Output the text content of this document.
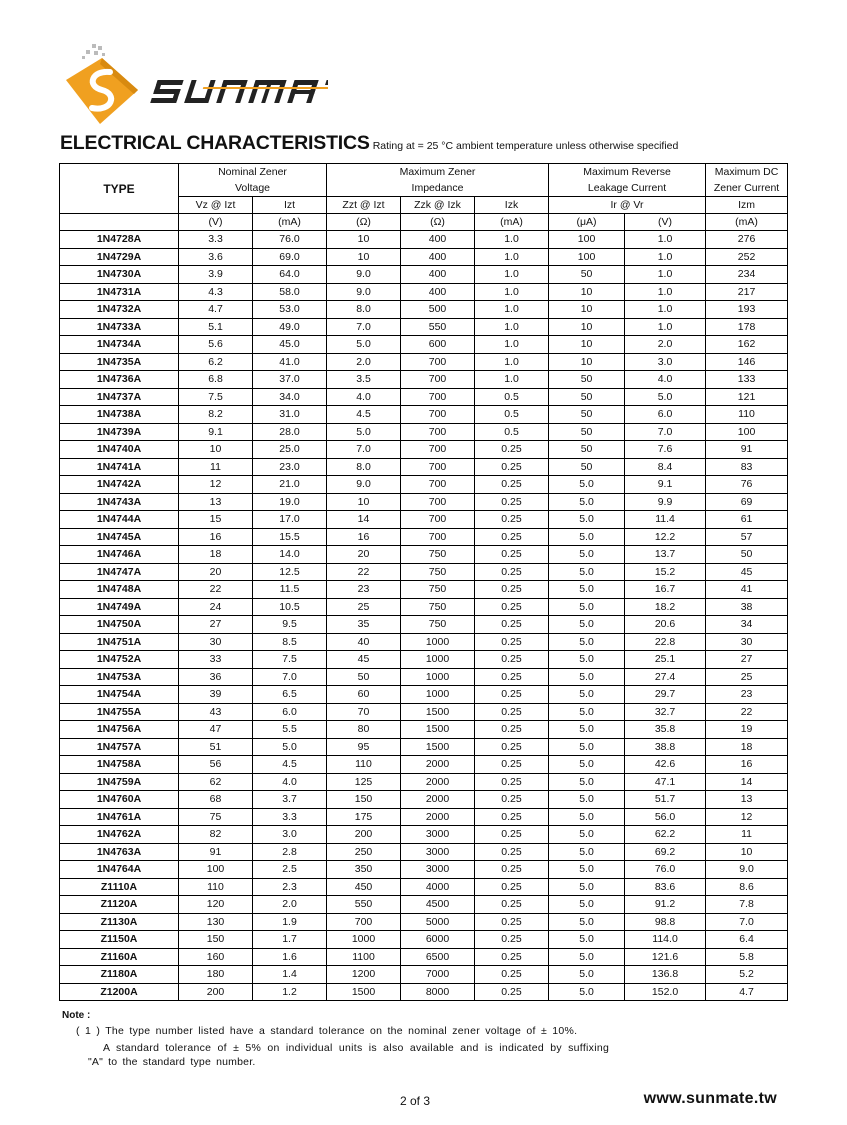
ELECTRICAL CHARACTERISTICS Rating at = 25 °C ambient temperature unless otherwise specified
TYPE	Nominal Zener		Maximum Zener			Maximum Reverse		Maximum DC
	Voltage		Impedance			Leakage Current		Zener Current
	Vz @ Izt	Izt	Zzt @ Izt	Zzk @ Izk	Izk	Ir @ Vr		Izm
	(V)	(mA)	(Ω)	(Ω)	(mA)	(μA)	(V)	(mA)
1N4728A	3.3	76.0	10	400	1.0	100	1.0	276
1N4729A	3.6	69.0	10	400	1.0	100	1.0	252
1N4730A	3.9	64.0	9.0	400	1.0	50	1.0	234
1N4731A	4.3	58.0	9.0	400	1.0	10	1.0	217
1N4732A	4.7	53.0	8.0	500	1.0	10	1.0	193
1N4733A	5.1	49.0	7.0	550	1.0	10	1.0	178
1N4734A	5.6	45.0	5.0	600	1.0	10	2.0	162
1N4735A	6.2	41.0	2.0	700	1.0	10	3.0	146
1N4736A	6.8	37.0	3.5	700	1.0	50	4.0	133
1N4737A	7.5	34.0	4.0	700	0.5	50	5.0	121
1N4738A	8.2	31.0	4.5	700	0.5	50	6.0	110
1N4739A	9.1	28.0	5.0	700	0.5	50	7.0	100
1N4740A	10	25.0	7.0	700	0.25	50	7.6	91
1N4741A	11	23.0	8.0	700	0.25	50	8.4	83
1N4742A	12	21.0	9.0	700	0.25	5.0	9.1	76
1N4743A	13	19.0	10	700	0.25	5.0	9.9	69
1N4744A	15	17.0	14	700	0.25	5.0	11.4	61
1N4745A	16	15.5	16	700	0.25	5.0	12.2	57
1N4746A	18	14.0	20	750	0.25	5.0	13.7	50
1N4747A	20	12.5	22	750	0.25	5.0	15.2	45
1N4748A	22	11.5	23	750	0.25	5.0	16.7	41
1N4749A	24	10.5	25	750	0.25	5.0	18.2	38
1N4750A	27	9.5	35	750	0.25	5.0	20.6	34
1N4751A	30	8.5	40	1000	0.25	5.0	22.8	30
1N4752A	33	7.5	45	1000	0.25	5.0	25.1	27
1N4753A	36	7.0	50	1000	0.25	5.0	27.4	25
1N4754A	39	6.5	60	1000	0.25	5.0	29.7	23
1N4755A	43	6.0	70	1500	0.25	5.0	32.7	22
1N4756A	47	5.5	80	1500	0.25	5.0	35.8	19
1N4757A	51	5.0	95	1500	0.25	5.0	38.8	18
1N4758A	56	4.5	110	2000	0.25	5.0	42.6	16
1N4759A	62	4.0	125	2000	0.25	5.0	47.1	14
1N4760A	68	3.7	150	2000	0.25	5.0	51.7	13
1N4761A	75	3.3	175	2000	0.25	5.0	56.0	12
1N4762A	82	3.0	200	3000	0.25	5.0	62.2	11
1N4763A	91	2.8	250	3000	0.25	5.0	69.2	10
1N4764A	100	2.5	350	3000	0.25	5.0	76.0	9.0
Z1110A	110	2.3	450	4000	0.25	5.0	83.6	8.6
Z1120A	120	2.0	550	4500	0.25	5.0	91.2	7.8
Z1130A	130	1.9	700	5000	0.25	5.0	98.8	7.0
Z1150A	150	1.7	1000	6000	0.25	5.0	114.0	6.4
Z1160A	160	1.6	1100	6500	0.25	5.0	121.6	5.8
Z1180A	180	1.4	1200	7000	0.25	5.0	136.8	5.2
Z1200A	200	1.2	1500	8000	0.25	5.0	152.0	4.7
Note :
( 1 ) The type number listed have a standard tolerance on the nominal zener voltage of ± 10%.
A standard tolerance of ± 5% on individual units is also available and is indicated by suffixing
"A" to the standard type number.
2 of 3	www.sunmate.tw
